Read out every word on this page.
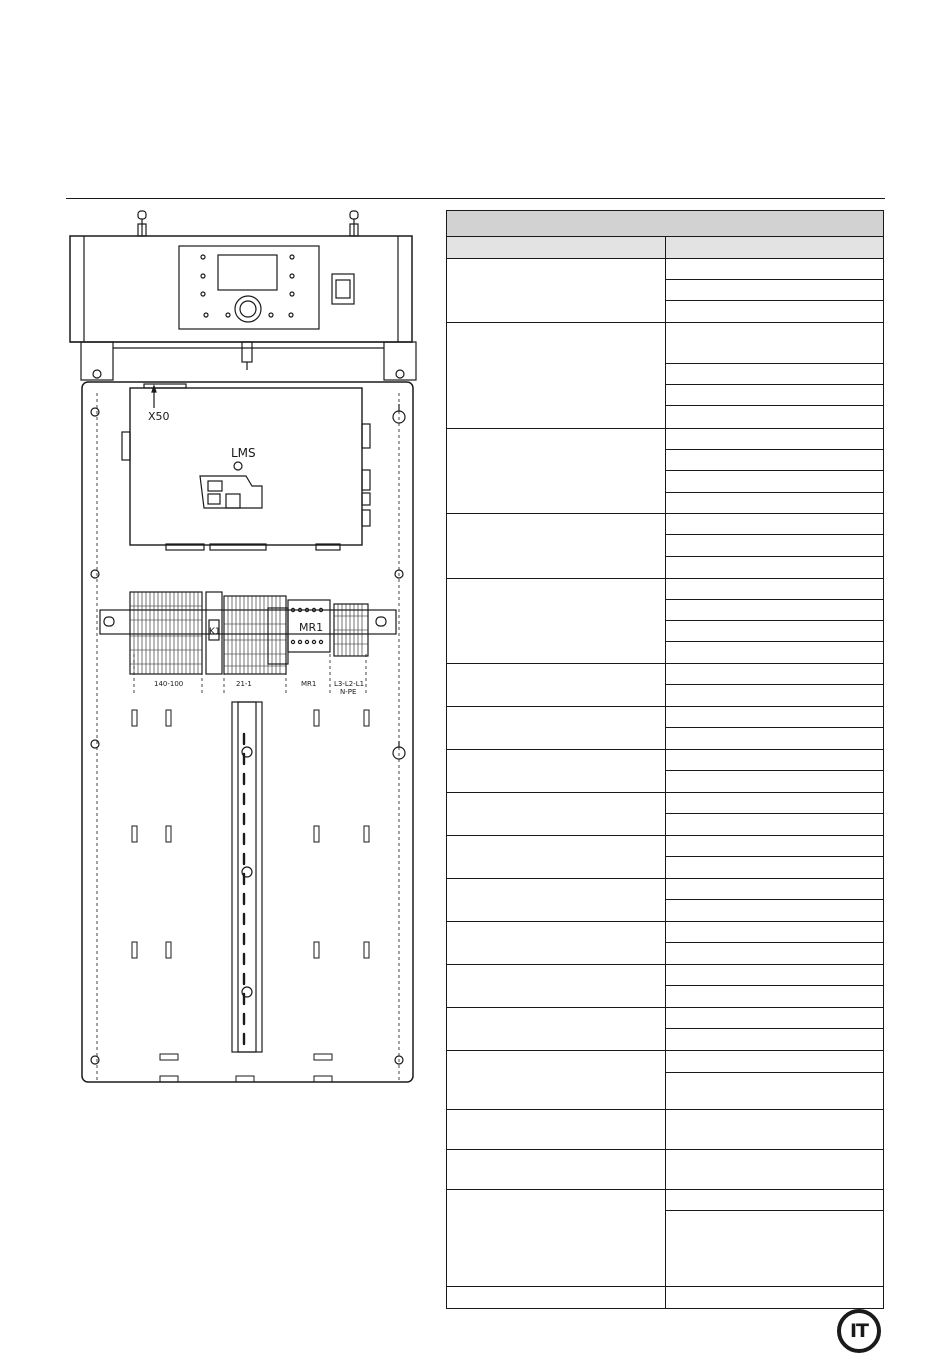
X50
LMS
K1	MR1
140-100	21-1	MR1	L3-L2-L1
N-PE

IT
